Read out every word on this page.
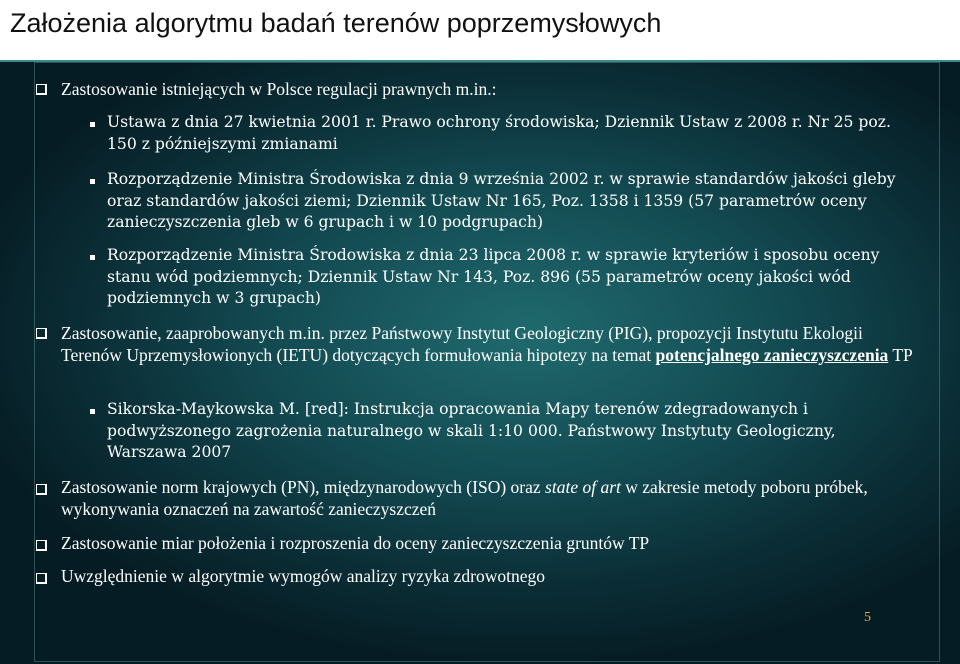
Założenia algorytmu badań terenów poprzemysłowych
Zastosowanie istniejących w Polsce regulacji prawnych m.in.:
Ustawa z dnia 27 kwietnia 2001 r. Prawo ochrony środowiska; Dziennik Ustaw z 2008 r. Nr 25 poz. 150 z późniejszymi zmianami
Rozporządzenie Ministra Środowiska z dnia 9 września 2002 r. w sprawie standardów jakości gleby oraz standardów jakości ziemi; Dziennik Ustaw Nr 165, Poz. 1358 i 1359 (57 parametrów oceny zanieczyszczenia gleb w 6 grupach i w 10 podgrupach)
Rozporządzenie Ministra Środowiska z dnia 23 lipca 2008 r. w sprawie kryteriów i sposobu oceny stanu wód podziemnych; Dziennik Ustaw Nr 143, Poz. 896 (55 parametrów oceny jakości wód podziemnych w 3 grupach)
Zastosowanie, zaaprobowanych m.in. przez Państwowy Instytut Geologiczny (PIG), propozycji Instytutu Ekologii Terenów Uprzemysłowionych (IETU) dotyczących formułowania hipotezy na temat potencjalnego zanieczyszczenia TP
Sikorska-Maykowska M. [red]: Instrukcja opracowania Mapy terenów zdegradowanych i podwyższonego zagrożenia naturalnego w skali 1:10 000. Państwowy Instytuty Geologiczny, Warszawa 2007
Zastosowanie norm krajowych (PN), międzynarodowych (ISO) oraz state of art w zakresie metody poboru próbek, wykonywania oznaczeń na zawartość zanieczyszczeń
Zastosowanie miar położenia i rozproszenia do oceny zanieczyszczenia gruntów TP
Uwzględnienie w algorytmie wymogów analizy ryzyka zdrowotnego
5
